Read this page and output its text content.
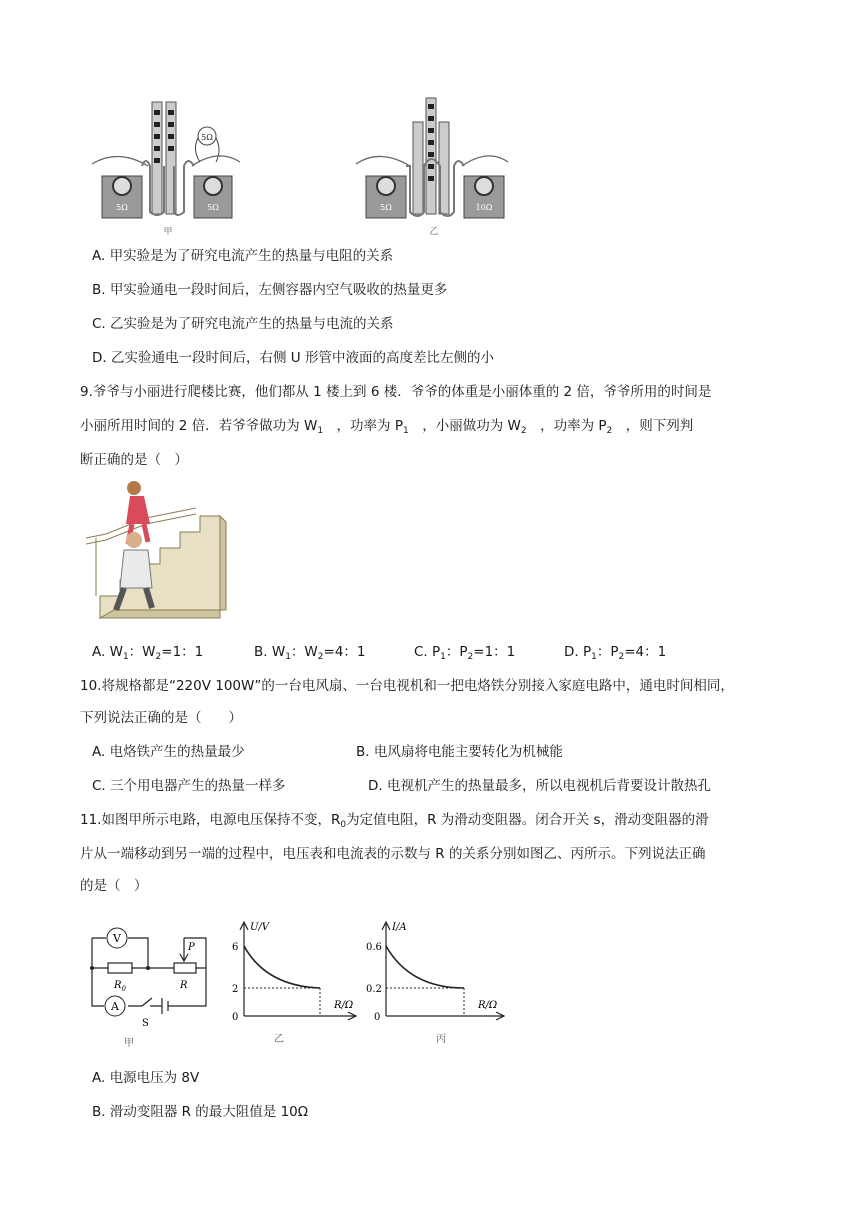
5Ω
5Ω	5Ω
甲
5Ω	10Ω
乙
A. 甲实验是为了研究电流产生的热量与电阻的关系
B. 甲实验通电一段时间后，左侧容器内空气吸收的热量更多
C. 乙实验是为了研究电流产生的热量与电流的关系
D. 乙实验通电一段时间后，右侧 U 形管中液面的高度差比左侧的小
9.爷爷与小丽进行爬楼比赛，他们都从 1 楼上到 6 楼．爷爷的体重是小丽体重的 2 倍，爷爷所用的时间是
小丽所用时间的 2 倍．若爷爷做功为 $W_1$　，功率为 $P_1$　，小丽做功为 $W_2$　，功率为 $P_2$　，则下列判
断正确的是（　）
A. $W_1$：$W_2=1$：1	B. $W_1$：$W_2=4$：1	C. $P_1$：$P_2=1$：1	D. $P_1$：$P_2=4$：1
10.将规格都是“220V 100W”的一台电风扇、一台电视机和一把电烙铁分别接入家庭电路中，通电时间相同，
下列说法正确的是（　　）
A. 电烙铁产生的热量最少	B. 电风扇将电能主要转化为机械能
C. 三个用电器产生的热量一样多	D. 电视机产生的热量最多，所以电视机后背要设计散热孔
11.如图甲所示电路，电源电压保持不变，$R_0$为定值电阻，R 为滑动变阻器。闭合开关 s，滑动变阻器的滑
片从一端移动到另一端的过程中，电压表和电流表的示数与 R 的关系分别如图乙、丙所示。下列说法正确
的是（　）
V
A
$R_0$	R
P
S
甲
U/V
R/Ω
6
2
0
乙
I/A
R/Ω
0.6
0.2
0
丙
A. 电源电压为 8V
B. 滑动变阻器 R 的最大阻值是 10Ω
